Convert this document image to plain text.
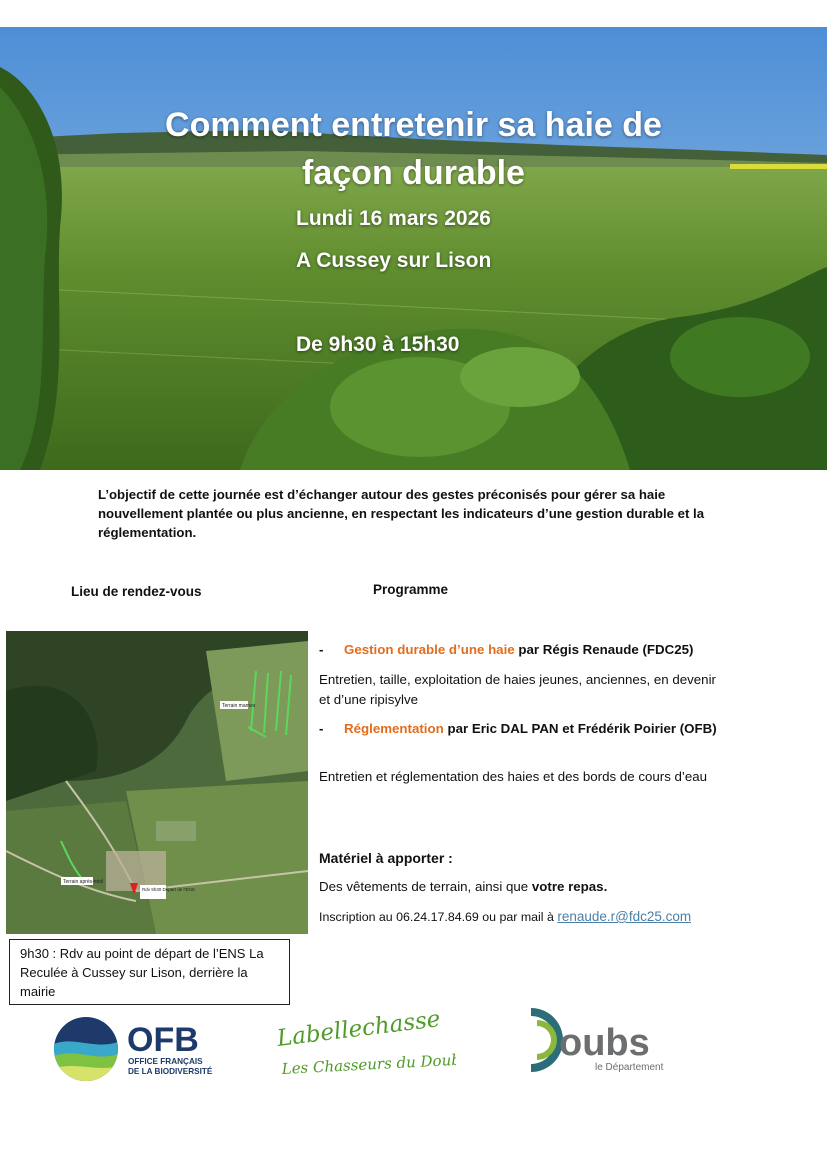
Comment entretenir sa haie de
façon durable
Lundi 16 mars 2026
A Cussey sur Lison
De 9h30 à 15h30
L’objectif de cette journée est d’échanger autour des gestes préconisés pour gérer sa haie nouvellement plantée ou plus ancienne, en respectant les indicateurs d’une gestion durable et la réglementation.
Lieu de rendez-vous	Programme
Terrain marnes
Terrain après-midi
Rdv 9h30 Départ de l’ENS
9h30 : Rdv au point de départ de l’ENS La Reculée à Cussey sur Lison, derrière la mairie
- Gestion durable d’une haie par Régis Renaude (FDC25)
Entretien, taille, exploitation de haies jeunes, anciennes, en devenir et d’une ripisylve
- Réglementation par Eric DAL PAN et Frédérik Poirier (OFB)
Entretien et réglementation des haies et des bords de cours d’eau
Matériel à apporter :
Des vêtements de terrain, ainsi que votre repas.
Inscription au 06.24.17.84.69 ou par mail à renaude.r@fdc25.com
OFB
OFFICE FRANÇAIS
DE LA BIODIVERSITÉ
Labellechasse
Les Chasseurs du Doubs
oubs
le Département
